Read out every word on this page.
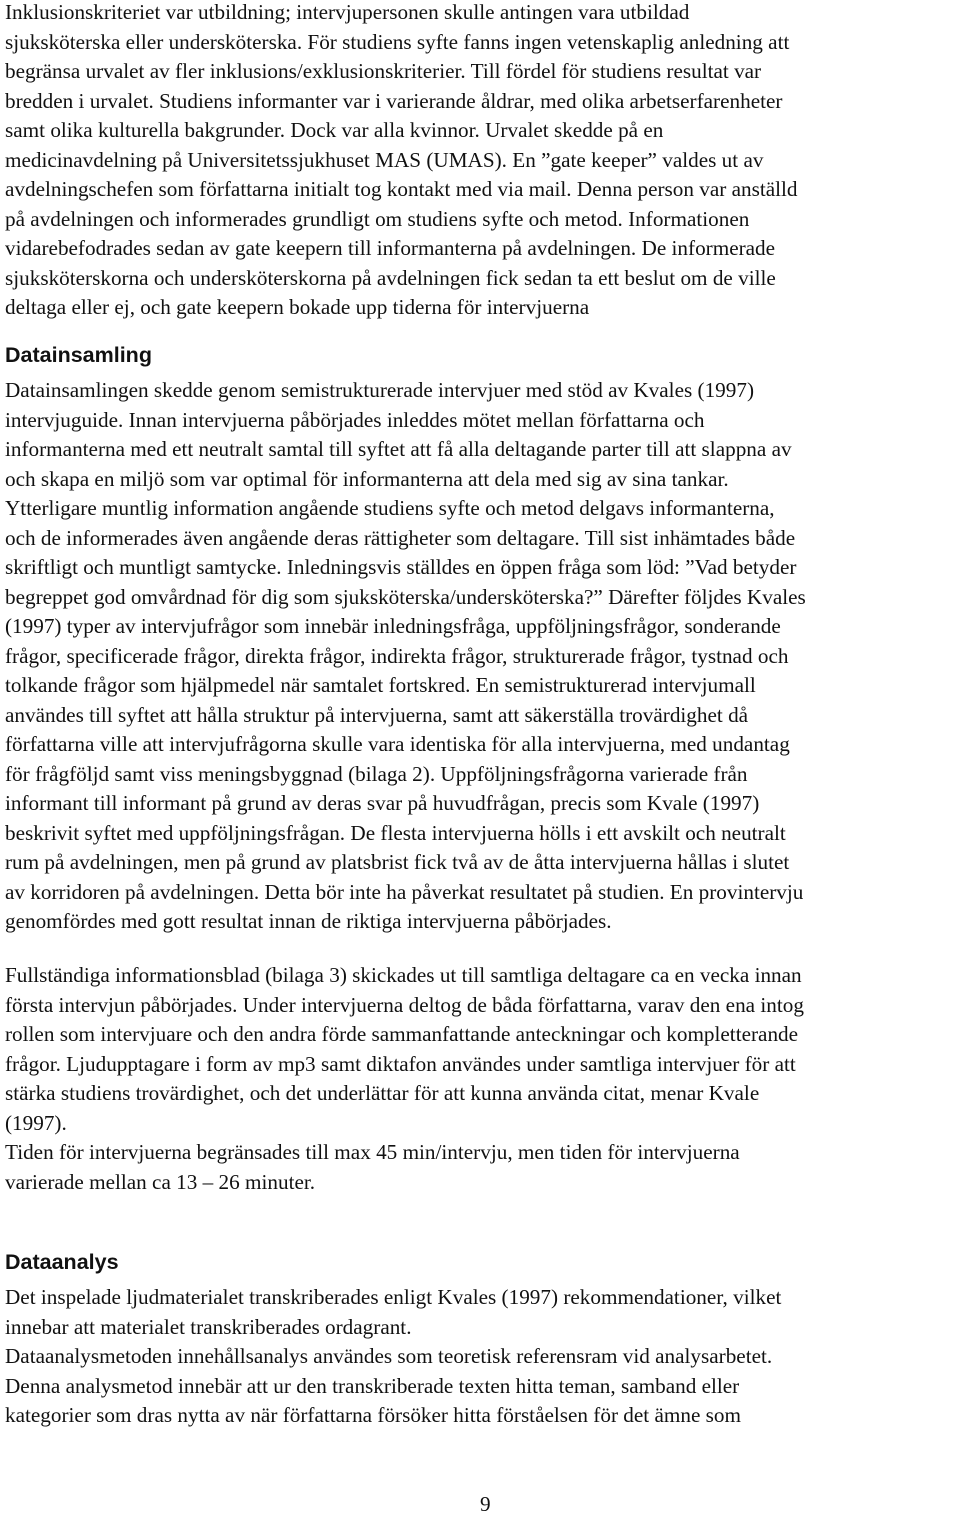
Inklusionskriteriet var utbildning; intervjupersonen skulle antingen vara utbildad
sjuksköterska eller undersköterska. För studiens syfte fanns ingen vetenskaplig anledning att
begränsa urvalet av fler inklusions/exklusionskriterier. Till fördel för studiens resultat var
bredden i urvalet. Studiens informanter var i varierande åldrar, med olika arbetserfarenheter
samt olika kulturella bakgrunder. Dock var alla kvinnor. Urvalet skedde på en
medicinavdelning på Universitetssjukhuset MAS (UMAS). En ”gate keeper” valdes ut av
avdelningschefen som författarna initialt tog kontakt med via mail. Denna person var anställd
på avdelningen och informerades grundligt om studiens syfte och metod. Informationen
vidarebefodrades sedan av gate keepern till informanterna på avdelningen. De informerade
sjuksköterskorna och undersköterskorna på avdelningen fick sedan ta ett beslut om de ville
deltaga eller ej, och gate keepern bokade upp tiderna för intervjuerna
Datainsamling
Datainsamlingen skedde genom semistrukturerade intervjuer med stöd av Kvales (1997)
intervjuguide. Innan intervjuerna påbörjades inleddes mötet mellan författarna och
informanterna med ett neutralt samtal till syftet att få alla deltagande parter till att slappna av
och skapa en miljö som var optimal för informanterna att dela med sig av sina tankar.
Ytterligare muntlig information angående studiens syfte och metod delgavs informanterna,
och de informerades även angående deras rättigheter som deltagare. Till sist inhämtades både
skriftligt och muntligt samtycke. Inledningsvis ställdes en öppen fråga som löd: ”Vad betyder
begreppet god omvårdnad för dig som sjuksköterska/undersköterska?” Därefter följdes Kvales
(1997) typer av intervjufrågor som innebär inledningsfråga, uppföljningsfrågor, sonderande
frågor, specificerade frågor, direkta frågor, indirekta frågor, strukturerade frågor, tystnad och
tolkande frågor som hjälpmedel när samtalet fortskred. En semistrukturerad intervjumall
användes till syftet att hålla struktur på intervjuerna, samt att säkerställa trovärdighet då
författarna ville att intervjufrågorna skulle vara identiska för alla intervjuerna, med undantag
för frågföljd samt viss meningsbyggnad (bilaga 2). Uppföljningsfrågorna varierade från
informant till informant på grund av deras svar på huvudfrågan, precis som Kvale (1997)
beskrivit syftet med uppföljningsfrågan. De flesta intervjuerna hölls i ett avskilt och neutralt
rum på avdelningen, men på grund av platsbrist fick två av de åtta intervjuerna hållas i slutet
av korridoren på avdelningen. Detta bör inte ha påverkat resultatet på studien. En provintervju
genomfördes med gott resultat innan de riktiga intervjuerna påbörjades.
Fullständiga informationsblad (bilaga 3) skickades ut till samtliga deltagare ca en vecka innan
första intervjun påbörjades. Under intervjuerna deltog de båda författarna, varav den ena intog
rollen som intervjuare och den andra förde sammanfattande anteckningar och kompletterande
frågor. Ljudupptagare i form av mp3 samt diktafon användes under samtliga intervjuer för att
stärka studiens trovärdighet, och det underlättar för att kunna använda citat, menar Kvale
(1997).
Tiden för intervjuerna begränsades till max 45 min/intervju, men tiden för intervjuerna
varierade mellan ca 13 – 26 minuter.
Dataanalys
Det inspelade ljudmaterialet transkriberades enligt Kvales (1997) rekommendationer, vilket
innebar att materialet transkriberades ordagrant.
Dataanalysmetoden innehållsanalys användes som teoretisk referensram vid analysarbetet.
Denna analysmetod innebär att ur den transkriberade texten hitta teman, samband eller
kategorier som dras nytta av när författarna försöker hitta förståelsen för det ämne som
9
